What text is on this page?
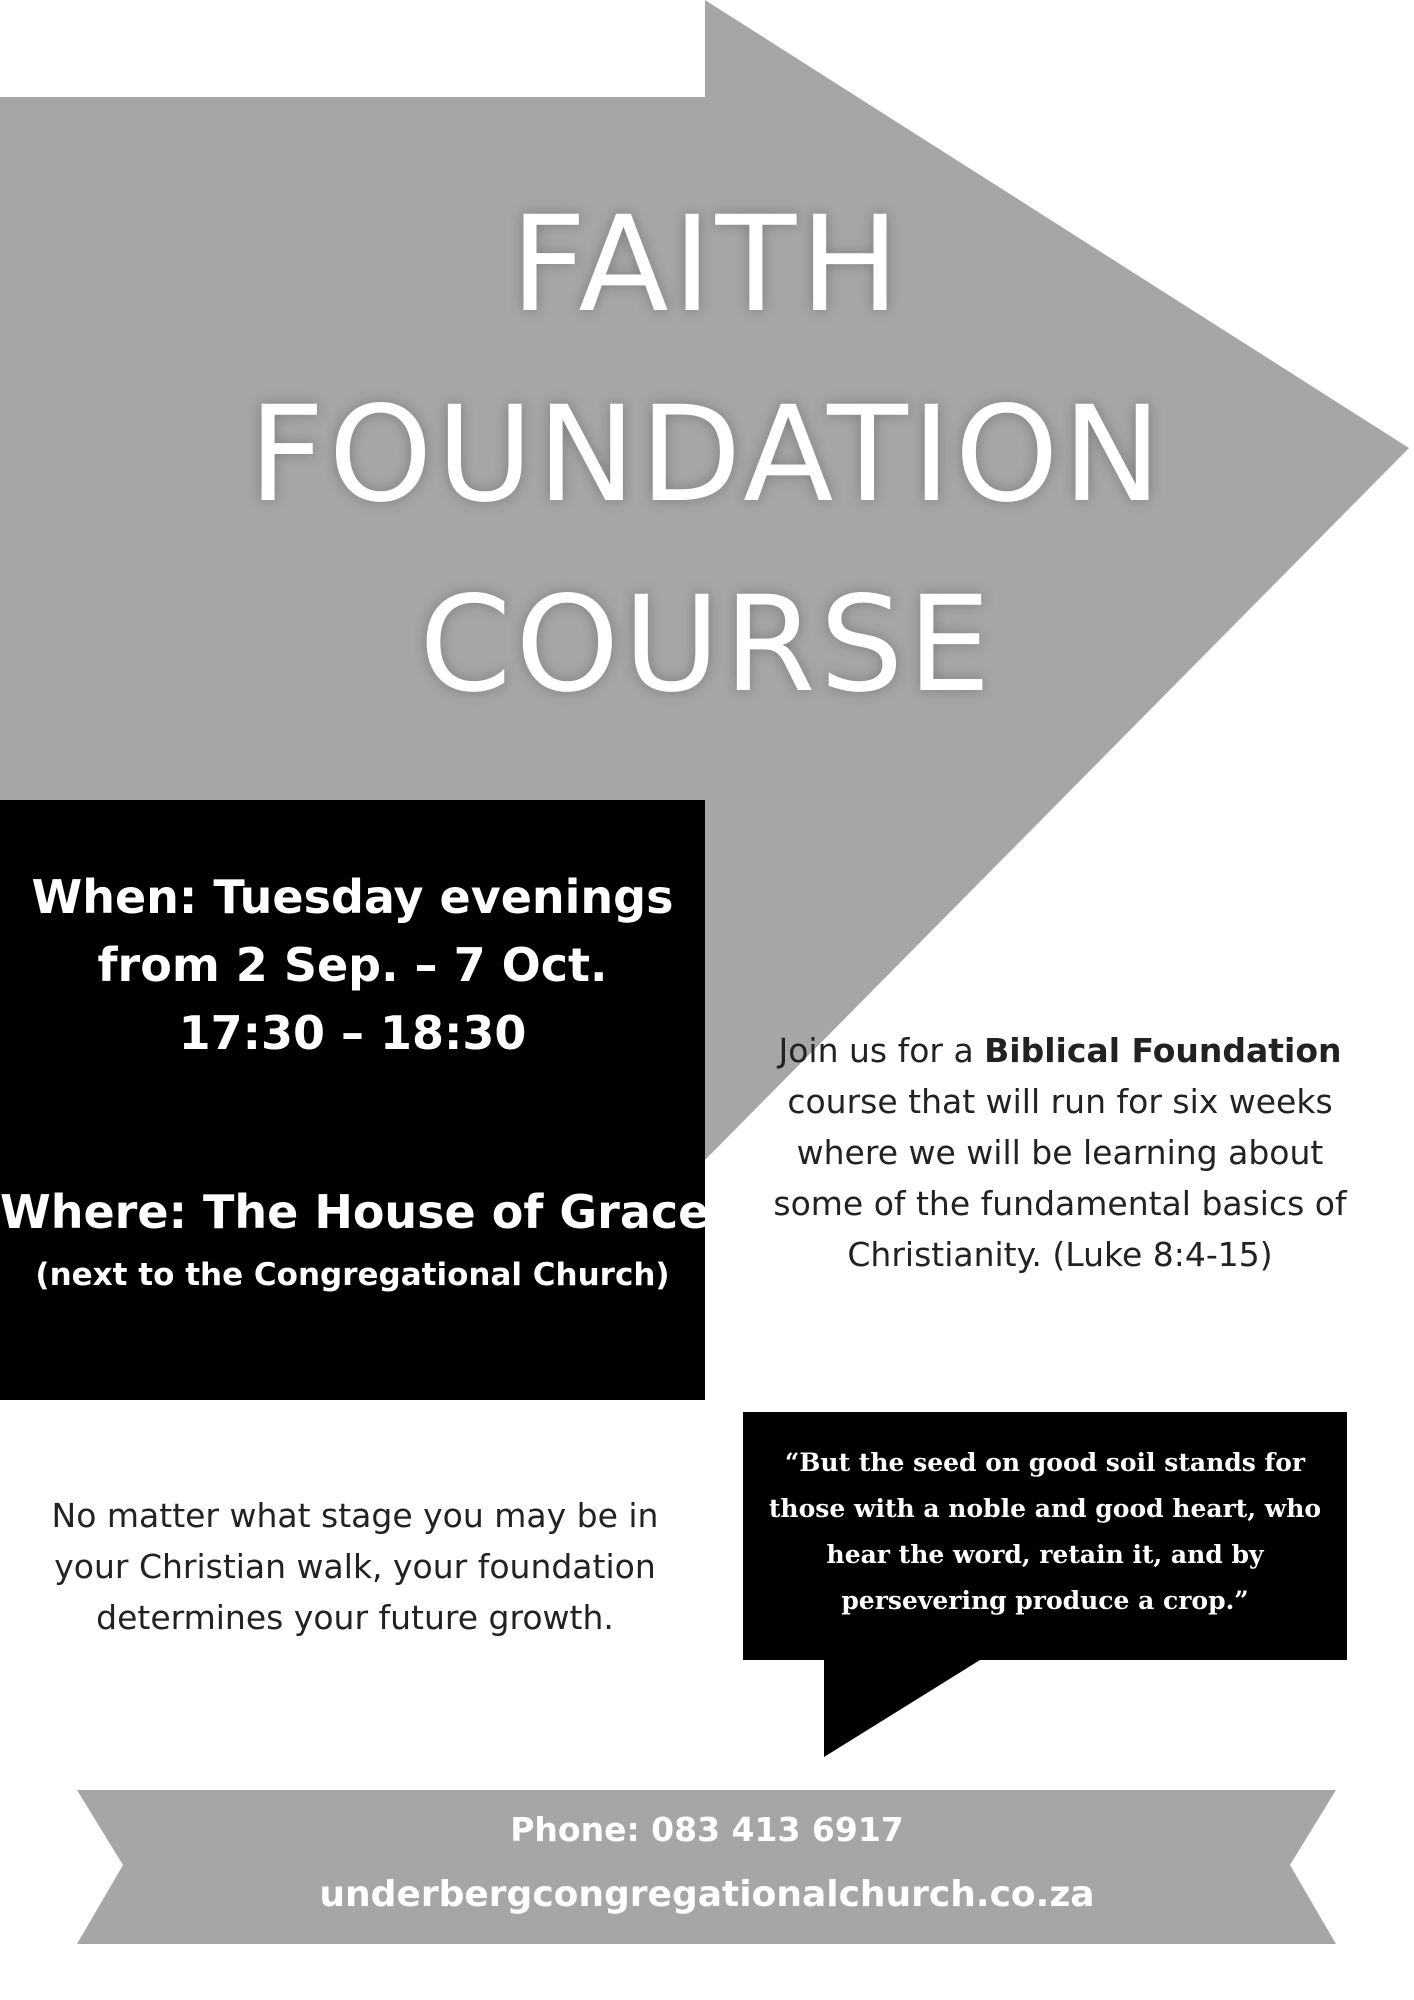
FAITH
FOUNDATION
COURSE
When: Tuesday evenings
from 2 Sep. – 7 Oct.
17:30 – 18:30
Where: The House of Grace
(next to the Congregational Church)
Join us for a Biblical Foundation course that will run for six weeks where we will be learning about some of the fundamental basics of Christianity. (Luke 8:4-15)
No matter what stage you may be in your Christian walk, your foundation determines your future growth.
“But the seed on good soil stands for those with a noble and good heart, who hear the word, retain it, and by persevering produce a crop.”
Phone: 083 413 6917
underbergcongregationalchurch.co.za
